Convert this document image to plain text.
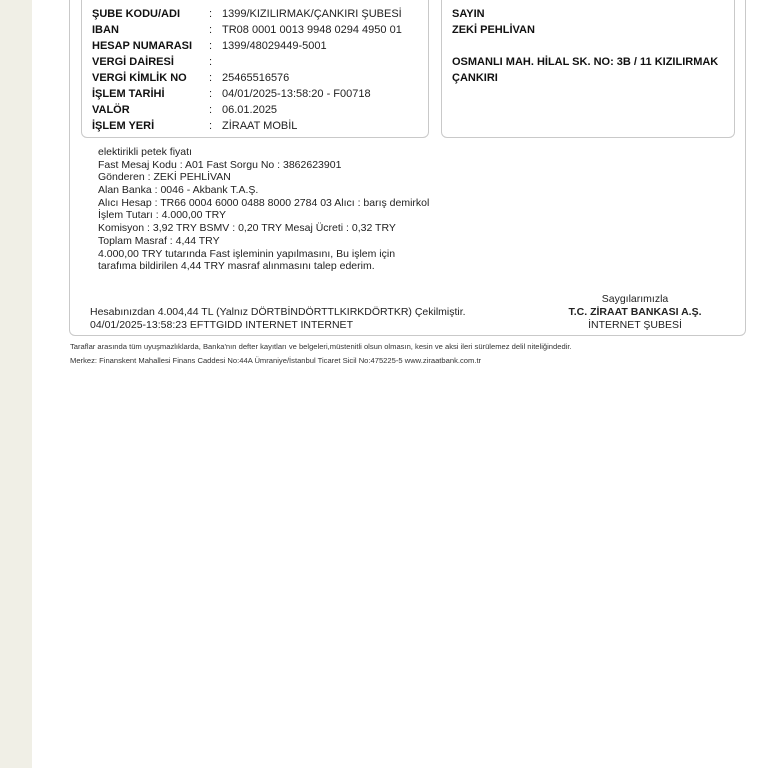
ŞUBE KODU/ADI	: 1399/KIZILIRMAK/ÇANKIRI ŞUBESİ
IBAN	: TR08 0001 0013 9948 0294 4950 01
HESAP NUMARASI : 1399/48029449-5001
VERGİ DAİRESİ	:
VERGİ KİMLİK NO : 25465516576
İŞLEM TARİHİ	: 04/01/2025-13:58:20 - F00718
VALÖR	: 06.01.2025
İŞLEM YERİ	: ZİRAAT MOBİL
SAYIN
ZEKİ PEHLİVAN
OSMANLI MAH. HİLAL SK. NO: 3B / 11 KIZILIRMAK
ÇANKIRI
elektirikli petek fiyatı
Fast Mesaj Kodu : A01 Fast Sorgu No : 3862623901
Gönderen : ZEKİ PEHLİVAN
Alan Banka : 0046 - Akbank T.A.Ş.
Alıcı Hesap : TR66 0004 6000 0488 8000 2784 03 Alıcı : barış demirkol
İşlem Tutarı : 4.000,00 TRY
Komisyon : 3,92 TRY BSMV : 0,20 TRY Mesaj Ücreti : 0,32 TRY
Toplam Masraf : 4,44 TRY
4.000,00 TRY tutarında Fast işleminin yapılmasını, Bu işlem için
tarafıma bildirilen 4,44 TRY masraf alınmasını talep ederim.
Hesabınızdan 4.004,44 TL (Yalnız DÖRTBİNDÖRTTLKIRKDÖRTKR) Çekilmiştir.
04/01/2025-13:58:23 EFTTGIDD INTERNET INTERNET
Saygılarımızla
T.C. ZİRAAT BANKASI A.Ş.
İNTERNET ŞUBESİ
Taraflar arasında tüm uyuşmazlıklarda, Banka'nın defter kayıtları ve belgeleri,müstenitli olsun olmasın, kesin ve aksi ileri sürülemez delil niteliğindedir.
Merkez: Finanskent Mahallesi Finans Caddesi No:44A Ümraniye/İstanbul Ticaret Sicil No:475225-5 www.ziraatbank.com.tr
